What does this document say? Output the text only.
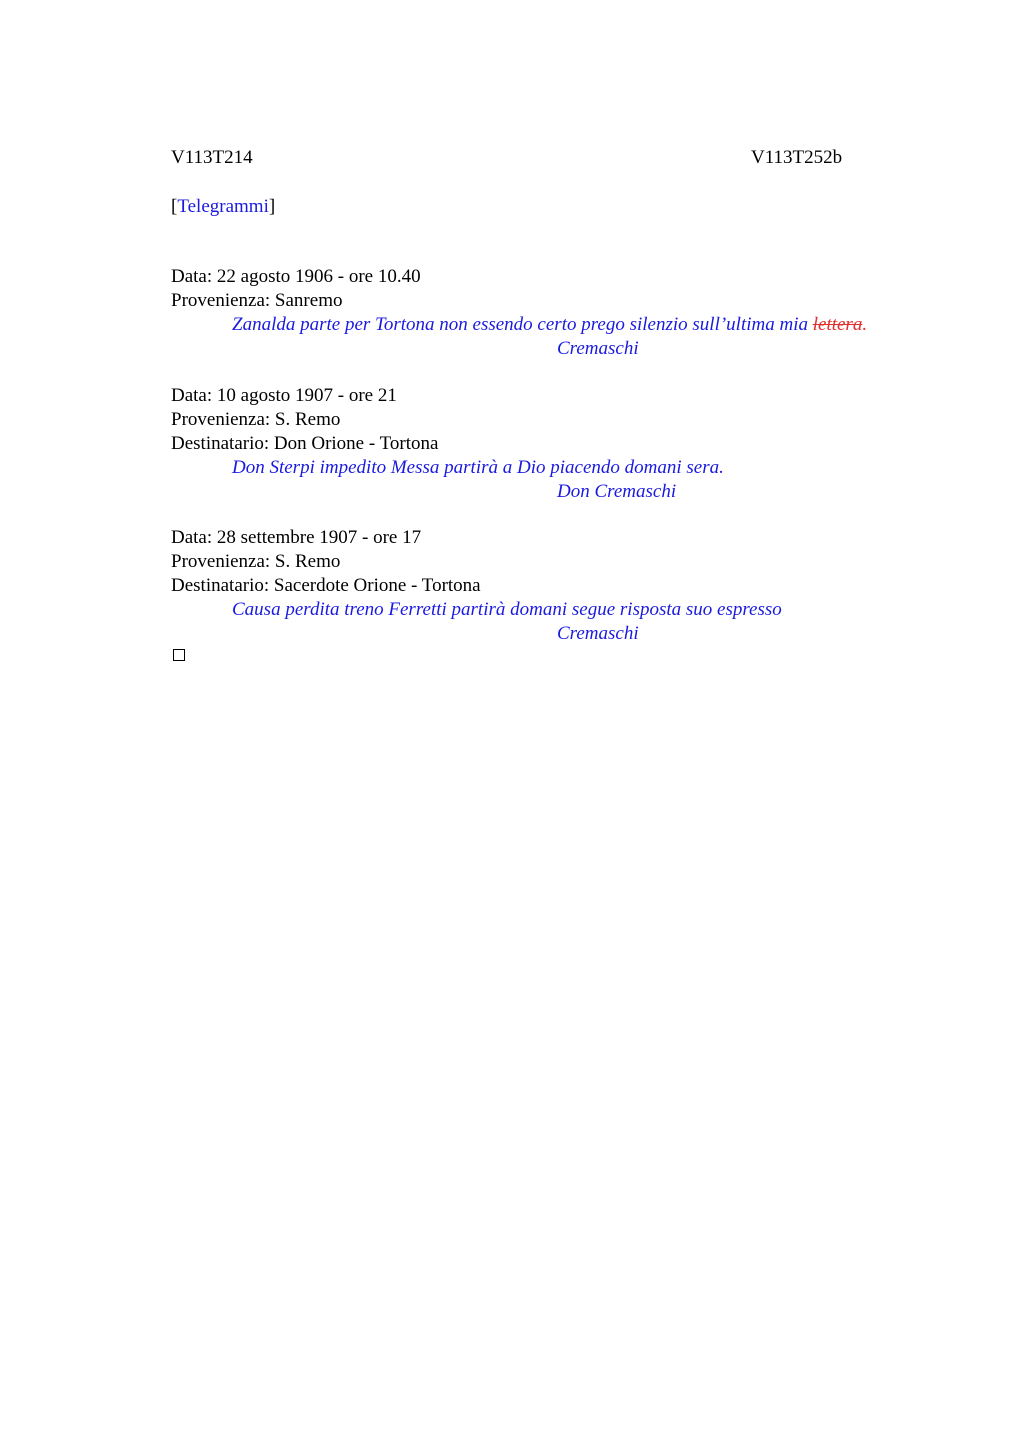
V113T214	V113T252b
[Telegrammi]
Data: 22 agosto 1906 - ore 10.40
Provenienza: Sanremo
Zanalda parte per Tortona non essendo certo prego silenzio sull’ultima mia lettera.
Cremaschi
Data: 10 agosto 1907 - ore 21
Provenienza: S. Remo
Destinatario: Don Orione - Tortona
Don Sterpi impedito Messa partirà a Dio piacendo domani sera.
Don Cremaschi
Data: 28 settembre 1907 - ore 17
Provenienza: S. Remo
Destinatario: Sacerdote Orione - Tortona
Causa perdita treno Ferretti partirà domani segue risposta suo espresso
Cremaschi
